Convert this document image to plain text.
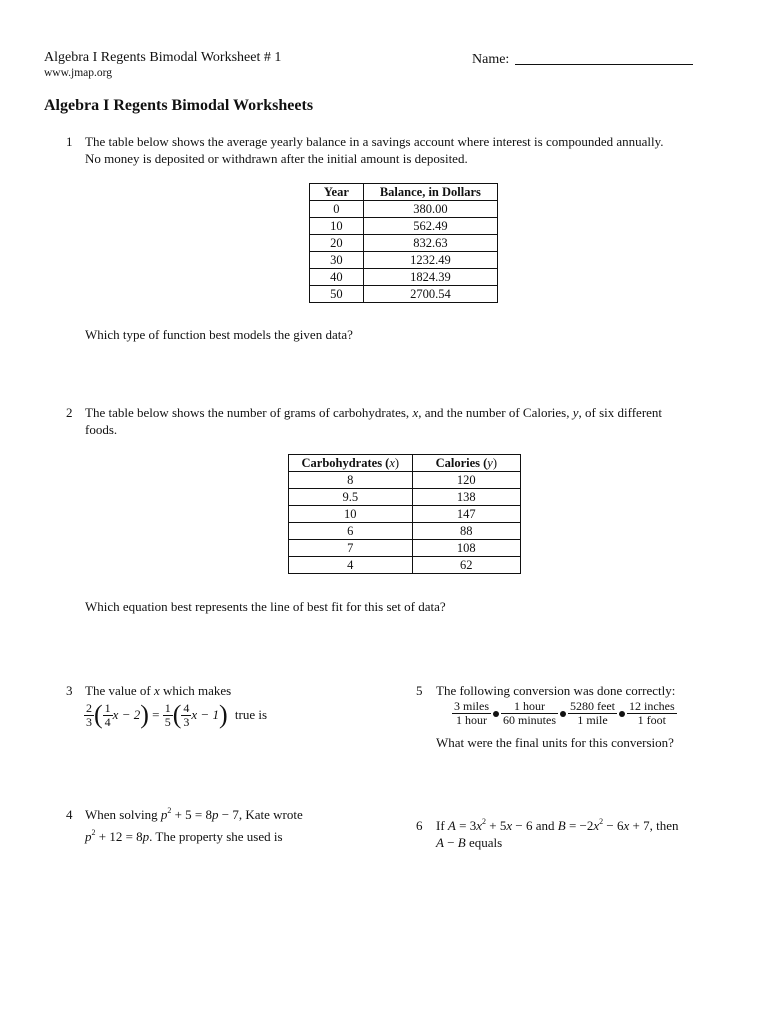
Algebra I Regents Bimodal Worksheet # 1
www.jmap.org
Name:
Algebra I Regents Bimodal Worksheets
1 The table below shows the average yearly balance in a savings account where interest is compounded annually.
No money is deposited or withdrawn after the initial amount is deposited.
Year	Balance, in Dollars
0	380.00
10	562.49
20	832.63
30	1232.49
40	1824.39
50	2700.54
Which type of function best models the given data?
2 The table below shows the number of grams of carbohydrates, x, and the number of Calories, y, of six different
foods.
Carbohydrates (x)	Calories (y)
8	120
9.5	138
10	147
6	88
7	108
4	62
Which equation best represents the line of best fit for this set of data?
3 The value of x which makes
$\frac{2}{3}$ ( $\frac{1}{4}$ $x - 2) = \frac{1}{5}$ ( $\frac{4}{3}$ x − 1) true is
4 When solving $p^2 + 5 = 8p - 7$, Kate wrote
$p^2 + 12 = 8p$. The property she used is
5 The following conversion was done correctly:
$\frac{\text{3 miles}}{\text{1 hour}} \frac{\text{1 hour}}{\text{60 minutes}} \frac{\text{5280 feet}}{\text{1 mile}} \frac{\text{12 inches}}{\text{1 foot}}$
What were the final units for this conversion?
6 If $A = 3x^2 + 5x - 6$ and $B = -2x^2 - 6x + 7$, then
A − B equals
